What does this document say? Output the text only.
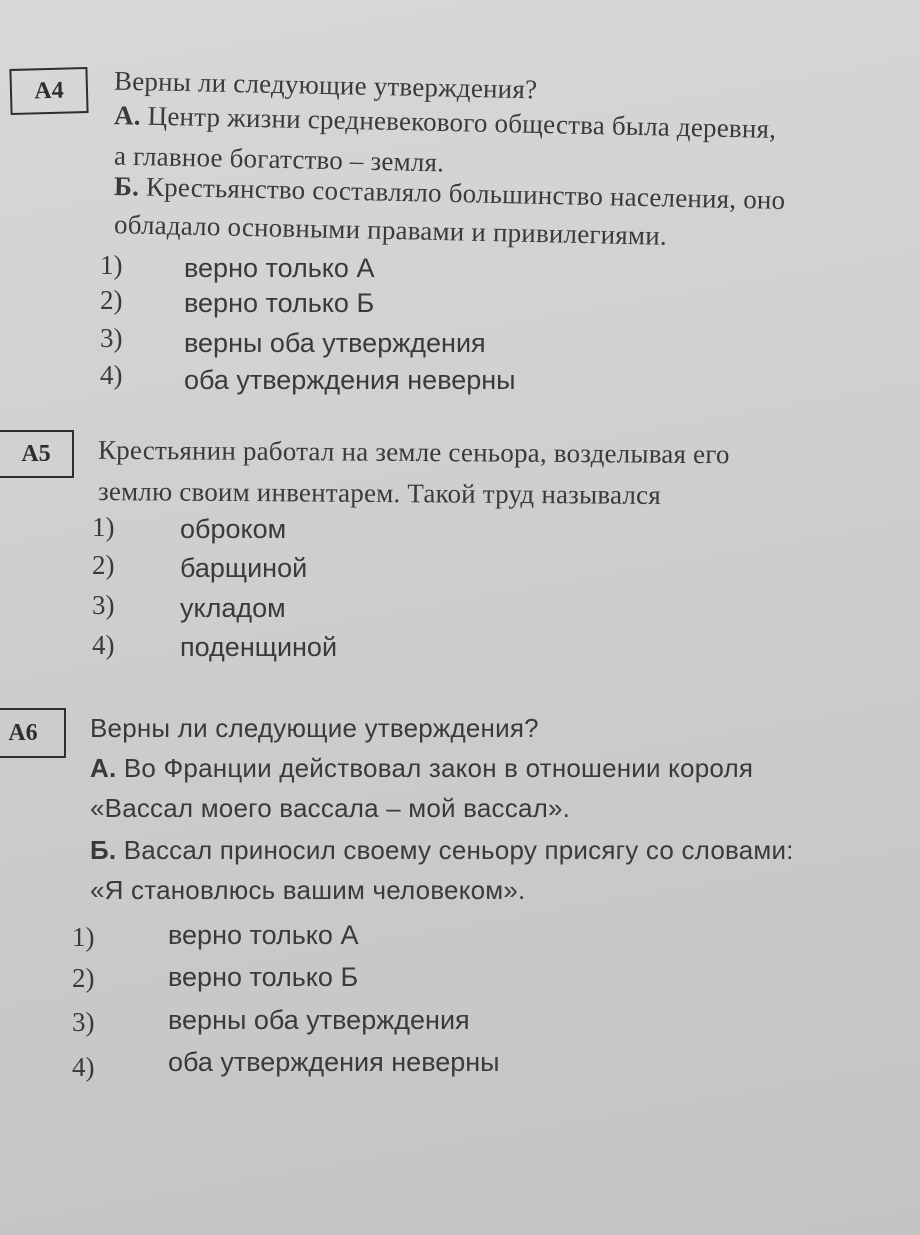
А4 Верны ли следующие утверждения?
А. Центр жизни средневекового общества была деревня,
а главное богатство – земля.
Б. Крестьянство составляло большинство населения, оно
обладало основными правами и привилегиями.
1) верно только А
2) верно только Б
3) верны оба утверждения
4) оба утверждения неверны
А5 Крестьянин работал на земле сеньора, возделывая его
землю своим инвентарем. Такой труд назывался
1) оброком
2) барщиной
3) укладом
4) поденщиной
А6 Верны ли следующие утверждения?
А. Во Франции действовал закон в отношении короля
«Вассал моего вассала – мой вассал».
Б. Вассал приносил своему сеньору присягу со словами:
«Я становлюсь вашим человеком».
1)	верно только А
2)	верно только Б
3)	верны оба утверждения
4)	оба утверждения неверны
